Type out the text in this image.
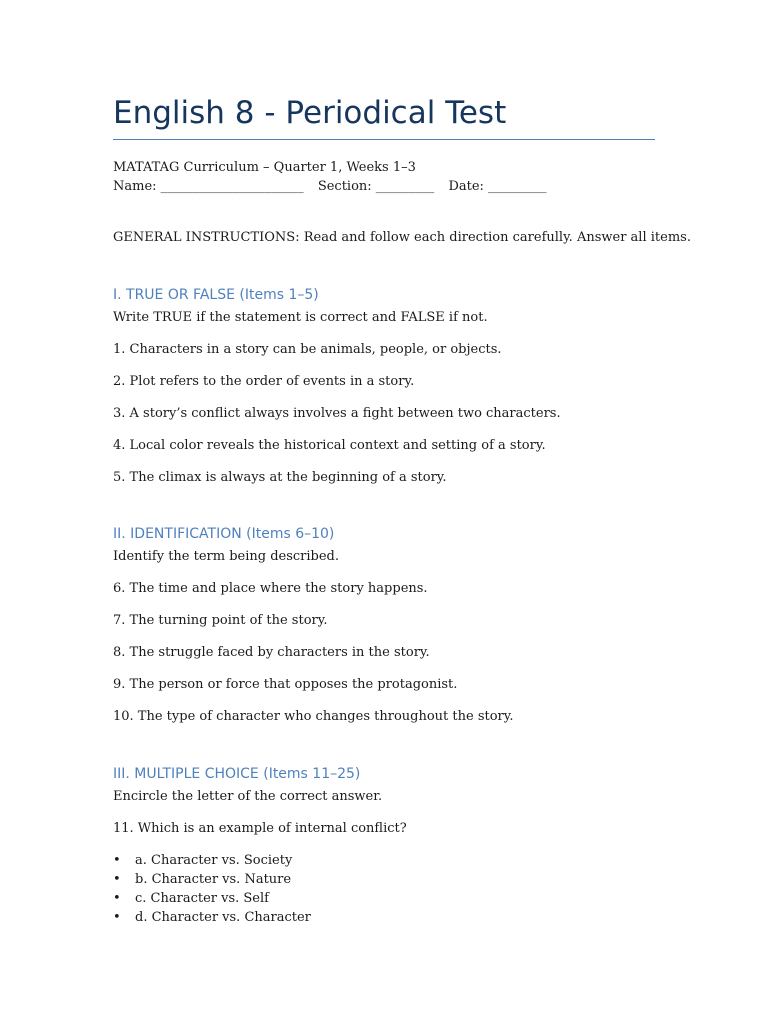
English 8 - Periodical Test
MATATAG Curriculum – Quarter 1, Weeks 1–3
Name: ______________________ Section: _________ Date: _________
GENERAL INSTRUCTIONS: Read and follow each direction carefully. Answer all items.
I. TRUE OR FALSE (Items 1–5)
Write TRUE if the statement is correct and FALSE if not.
1. Characters in a story can be animals, people, or objects.
2. Plot refers to the order of events in a story.
3. A story’s conflict always involves a fight between two characters.
4. Local color reveals the historical context and setting of a story.
5. The climax is always at the beginning of a story.
II. IDENTIFICATION (Items 6–10)
Identify the term being described.
6. The time and place where the story happens.
7. The turning point of the story.
8. The struggle faced by characters in the story.
9. The person or force that opposes the protagonist.
10. The type of character who changes throughout the story.
III. MULTIPLE CHOICE (Items 11–25)
Encircle the letter of the correct answer.
11. Which is an example of internal conflict?
• a. Character vs. Society
• b. Character vs. Nature
• c. Character vs. Self
• d. Character vs. Character
